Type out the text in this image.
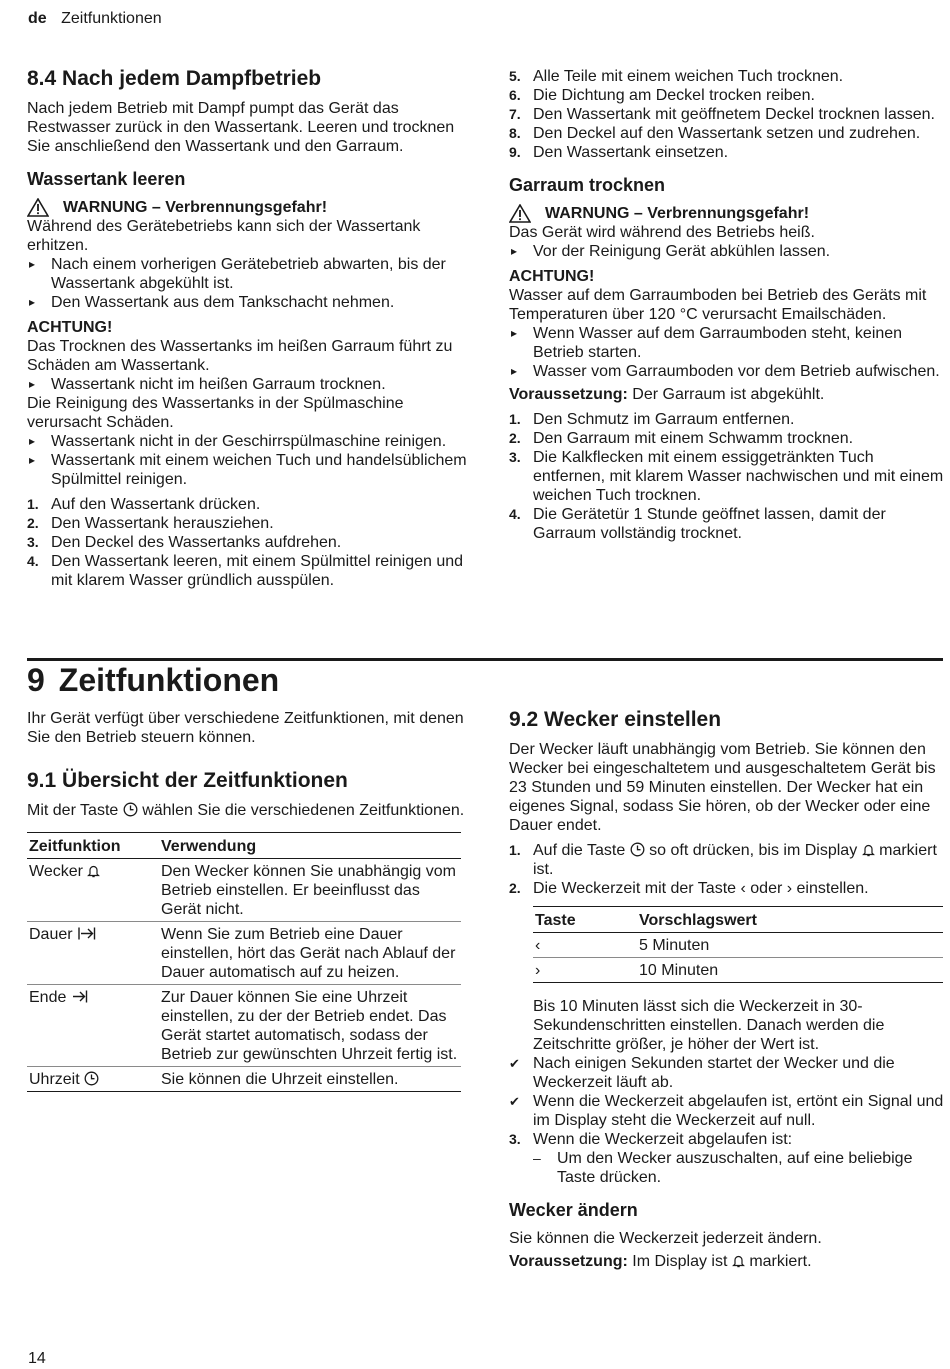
de Zeitfunktionen
8.4 Nach jedem Dampfbetrieb

Nach jedem Betrieb mit Dampf pumpt das Gerät das Restwasser zurück in den Wassertank. Leeren und trocknen Sie anschließend den Wassertank und den Garraum.

Wassertank leeren
WARNUNG – Verbrennungsgefahr!

Während des Gerätebetriebs kann sich der Wassertank erhitzen.

▸ Nach einem vorherigen Gerätebetrieb abwarten, bis der Wassertank abgekühlt ist.
▸ Den Wassertank aus dem Tankschacht nehmen.

ACHTUNG!

Das Trocknen des Wassertanks im heißen Garraum führt zu Schäden am Wassertank.

▸ Wassertank nicht im heißen Garraum trocknen.

Die Reinigung des Wassertanks in der Spülmaschine verursacht Schäden.

▸ Wassertank nicht in der Geschirrspülmaschine reinigen.
▸ Wassertank mit einem weichen Tuch und handelsüblichem Spülmittel reinigen.
1. Auf den Wassertank drücken.
2. Den Wassertank herausziehen.
3. Den Deckel des Wassertanks aufdrehen.
4. Den Wassertank leeren, mit einem Spülmittel reinigen und mit klarem Wasser gründlich ausspülen.
5. Alle Teile mit einem weichen Tuch trocknen.
6. Die Dichtung am Deckel trocken reiben.
7. Den Wassertank mit geöffnetem Deckel trocknen lassen.
8. Den Deckel auf den Wassertank setzen und zudrehen.
9. Den Wassertank einsetzen.
Garraum trocknen
WARNUNG – Verbrennungsgefahr!

Das Gerät wird während des Betriebs heiß.

▸ Vor der Reinigung Gerät abkühlen lassen.

ACHTUNG!

Wasser auf dem Garraumboden bei Betrieb des Geräts mit Temperaturen über 120 °C verursacht Emailschäden.

▸ Wenn Wasser auf dem Garraumboden steht, keinen Betrieb starten.
▸ Wasser vom Garraumboden vor dem Betrieb aufwischen.

Voraussetzung: Der Garraum ist abgekühlt.

1. Den Schmutz im Garraum entfernen.
2. Den Garraum mit einem Schwamm trocknen.
3. Die Kalkflecken mit einem essiggetränkten Tuch entfernen, mit klarem Wasser nachwischen und mit einem weichen Tuch trocknen.
4. Die Gerätetür 1 Stunde geöffnet lassen, damit der Garraum vollständig trocknet.
9 Zeitfunktionen

Ihr Gerät verfügt über verschiedene Zeitfunktionen, mit denen Sie den Betrieb steuern können.

9.1 Übersicht der Zeitfunktionen

Mit der Taste wählen Sie die verschiedenen Zeitfunktionen.

Zeitfunktion	Verwendung
Wecker	Den Wecker können Sie unabhängig vom Betrieb einstellen. Er beeinflusst das Gerät nicht.
Dauer	Wenn Sie zum Betrieb eine Dauer einstellen, hört das Gerät nach Ablauf der Dauer automatisch auf zu heizen.
Ende	Zur Dauer können Sie eine Uhrzeit einstellen, zu der der Betrieb endet. Das Gerät startet automatisch, sodass der Betrieb zur gewünschten Uhrzeit fertig ist.
Uhrzeit	Sie können die Uhrzeit einstellen.
9.2 Wecker einstellen

Der Wecker läuft unabhängig vom Betrieb. Sie können den Wecker bei eingeschaltetem und ausgeschaltetem Gerät bis 23 Stunden und 59 Minuten einstellen. Der Wecker hat ein eigenes Signal, sodass Sie hören, ob der Wecker oder eine Dauer endet.

1. Auf die Taste so oft drücken, bis im Display markiert ist.
2. Die Weckerzeit mit der Taste ‹ oder › einstellen.
Taste	Vorschlagswert
‹	5 Minuten
›	10 Minuten

Bis 10 Minuten lässt sich die Weckerzeit in 30-Sekundenschritten einstellen. Danach werden die Zeitschritte größer, je höher der Wert ist.

✔ Nach einigen Sekunden startet der Wecker und die Weckerzeit läuft ab.
✔ Wenn die Weckerzeit abgelaufen ist, ertönt ein Signal und im Display steht die Weckerzeit auf null.
3. Wenn die Weckerzeit abgelaufen ist:
– Um den Wecker auszuschalten, auf eine beliebige Taste drücken.
Wecker ändern

Sie können die Weckerzeit jederzeit ändern.

Voraussetzung: Im Display ist markiert.

14
